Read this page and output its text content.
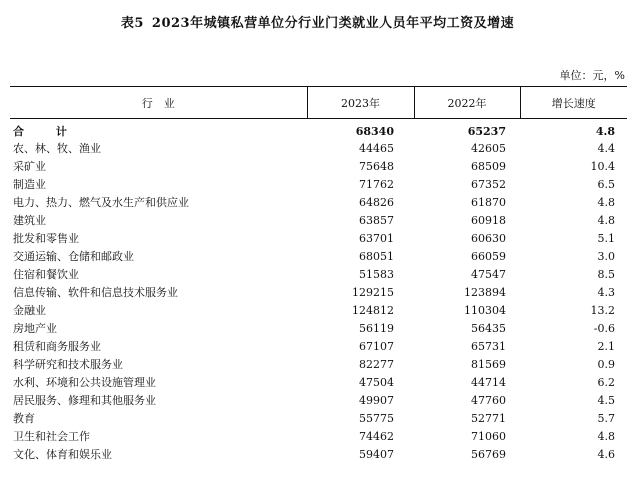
表5 2023年城镇私营单位分行业门类就业人员年平均工资及增速
单位：元，%
行　业	2023年	2022年	增长速度
合 计	68340	65237	4.8
农、林、牧、渔业	44465	42605	4.4
采矿业	75648	68509	10.4
制造业	71762	67352	6.5
电力、热力、燃气及水生产和供应业	64826	61870	4.8
建筑业	63857	60918	4.8
批发和零售业	63701	60630	5.1
交通运输、仓储和邮政业	68051	66059	3.0
住宿和餐饮业	51583	47547	8.5
信息传输、软件和信息技术服务业	129215	123894	4.3
金融业	124812	110304	13.2
房地产业	56119	56435	-0.6
租赁和商务服务业	67107	65731	2.1
科学研究和技术服务业	82277	81569	0.9
水利、环境和公共设施管理业	47504	44714	6.2
居民服务、修理和其他服务业	49907	47760	4.5
教育	55775	52771	5.7
卫生和社会工作	74462	71060	4.8
文化、体育和娱乐业	59407	56769	4.6
